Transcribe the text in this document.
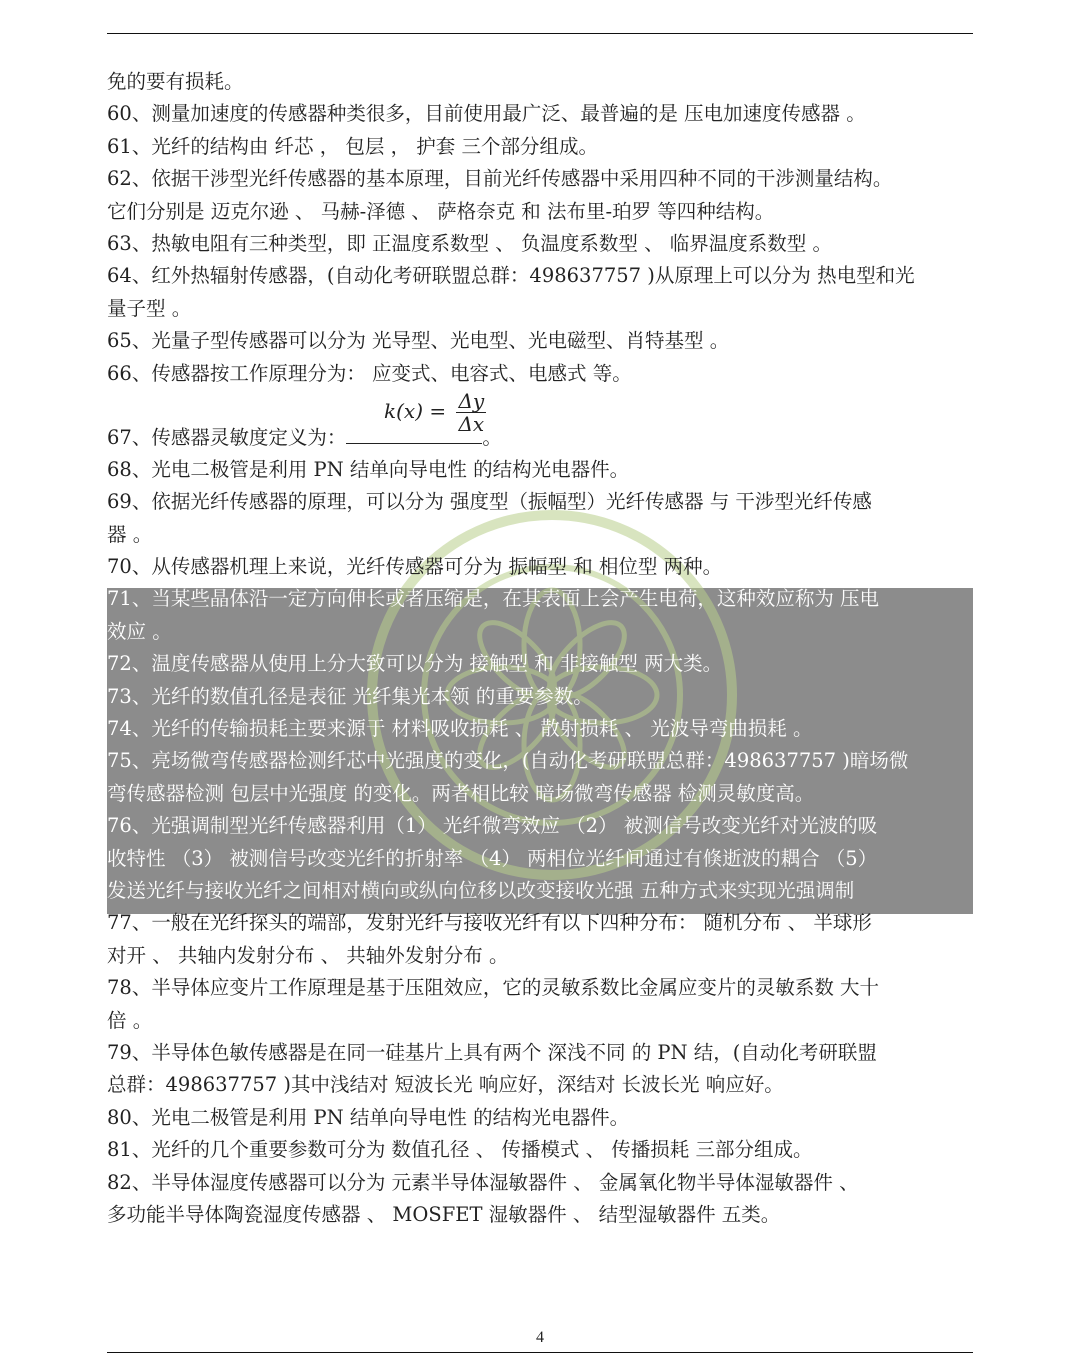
免的要有损耗。
60、测量加速度的传感器种类很多，目前使用最广泛、最普遍的是 压电加速度传感器 。
61、光纤的结构由 纤芯 ， 包层 ， 护套 三个部分组成。
62、依据干涉型光纤传感器的基本原理，目前光纤传感器中采用四种不同的干涉测量结构。
它们分别是 迈克尔逊 、 马赫-泽德 、 萨格奈克 和 法布里-珀罗 等四种结构。
63、热敏电阻有三种类型，即 正温度系数型 、 负温度系数型 、 临界温度系数型 。
64、红外热辐射传感器，(自动化考研联盟总群：498637757 )从原理上可以分为 热电型和光
量子型 。
65、光量子型传感器可以分为 光导型、光电型、光电磁型、肖特基型 。
66、传感器按工作原理分为： 应变式、电容式、电感式 等。
$k(x) = \frac{\Delta y}{\Delta x}$
67、传感器灵敏度定义为：	。
68、光电二极管是利用 PN 结单向导电性 的结构光电器件。
69、依据光纤传感器的原理，可以分为 强度型（振幅型）光纤传感器 与 干涉型光纤传感
器 。
70、从传感器机理上来说，光纤传感器可分为 振幅型 和 相位型 两种。
71、当某些晶体沿一定方向伸长或者压缩是，在其表面上会产生电荷，这种效应称为 压电
效应 。
72、温度传感器从使用上分大致可以分为 接触型 和 非接触型 两大类。
73、光纤的数值孔径是表征 光纤集光本领 的重要参数。
74、光纤的传输损耗主要来源于 材料吸收损耗 、 散射损耗 、 光波导弯曲损耗 。
75、亮场微弯传感器检测纤芯中光强度的变化，(自动化考研联盟总群：498637757 )暗场微
弯传感器检测 包层中光强度 的变化。两者相比较 暗场微弯传感器 检测灵敏度高。
76、光强调制型光纤传感器利用（1） 光纤微弯效应 （2） 被测信号改变光纤对光波的吸
收特性 （3） 被测信号改变光纤的折射率 （4） 两相位光纤间通过有倏逝波的耦合 （5）
发送光纤与接收光纤之间相对横向或纵向位移以改变接收光强 五种方式来实现光强调制
77、一般在光纤探头的端部，发射光纤与接收光纤有以下四种分布： 随机分布 、 半球形
对开 、 共轴内发射分布 、 共轴外发射分布 。
78、半导体应变片工作原理是基于压阻效应，它的灵敏系数比金属应变片的灵敏系数 大十
倍 。
79、半导体色敏传感器是在同一硅基片上具有两个 深浅不同 的 PN 结，(自动化考研联盟
总群：498637757 )其中浅结对 短波长光 响应好，深结对 长波长光 响应好。
80、光电二极管是利用 PN 结单向导电性 的结构光电器件。
81、光纤的几个重要参数可分为 数值孔径 、 传播模式 、 传播损耗 三部分组成。
82、半导体湿度传感器可以分为 元素半导体湿敏器件 、 金属氧化物半导体湿敏器件 、
多功能半导体陶瓷湿度传感器 、 MOSFET 湿敏器件 、 结型湿敏器件 五类。
4
